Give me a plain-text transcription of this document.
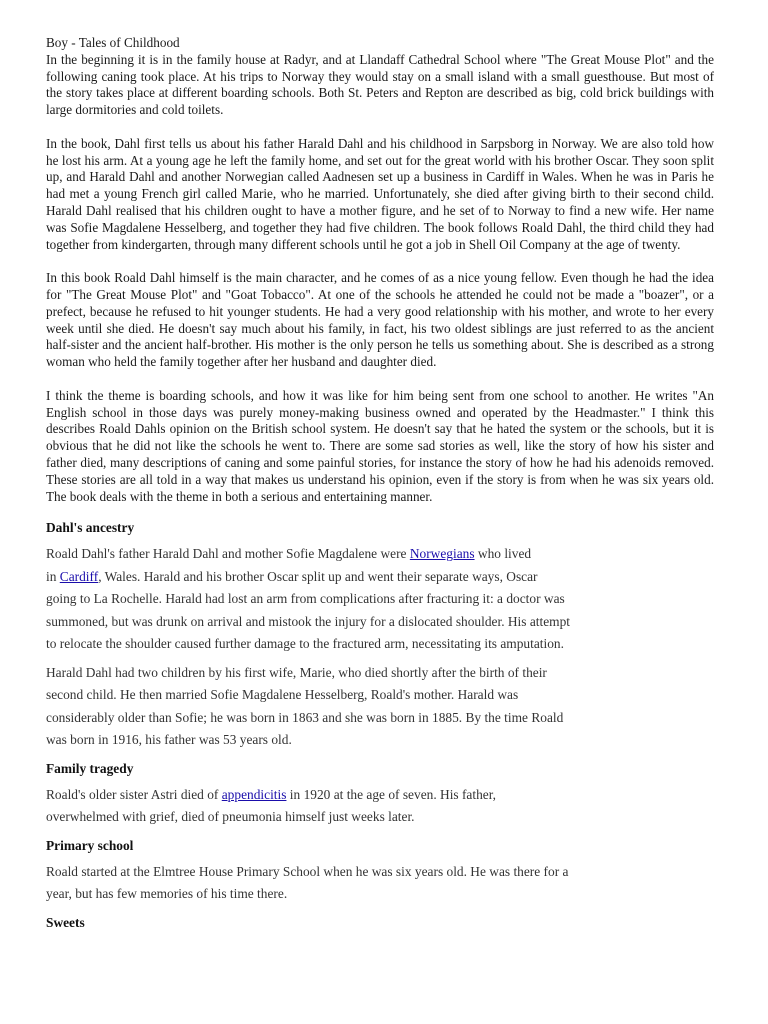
Boy - Tales of Childhood

In the beginning it is in the family house at Radyr, and at Llandaff Cathedral School where "The Great Mouse Plot" and the following caning took place. At his trips to Norway they would stay on a small island with a small guesthouse. But most of the story takes place at different boarding schools. Both St. Peters and Repton are described as big, cold brick buildings with large dormitories and cold toilets.

In the book, Dahl first tells us about his father Harald Dahl and his childhood in Sarpsborg in Norway. We are also told how he lost his arm. At a young age he left the family home, and set out for the great world with his brother Oscar. They soon split up, and Harald Dahl and another Norwegian called Aadnesen set up a business in Cardiff in Wales. When he was in Paris he had met a young French girl called Marie, who he married. Unfortunately, she died after giving birth to their second child. Harald Dahl realised that his children ought to have a mother figure, and he set of to Norway to find a new wife. Her name was Sofie Magdalene Hesselberg, and together they had five children. The book follows Roald Dahl, the third child they had together from kindergarten, through many different schools until he got a job in Shell Oil Company at the age of twenty.

In this book Roald Dahl himself is the main character, and he comes of as a nice young fellow. Even though he had the idea for "The Great Mouse Plot" and "Goat Tobacco". At one of the schools he attended he could not be made a "boazer", or a prefect, because he refused to hit younger students. He had a very good relationship with his mother, and wrote to her every week until she died. He doesn't say much about his family, in fact, his two oldest siblings are just referred to as the ancient half-sister and the ancient half-brother. His mother is the only person he tells us something about. She is described as a strong woman who held the family together after her husband and daughter died.

I think the theme is boarding schools, and how it was like for him being sent from one school to another. He writes "An English school in those days was purely money-making business owned and operated by the Headmaster." I think this describes Roald Dahls opinion on the British school system. He doesn't say that he hated the system or the schools, but it is obvious that he did not like the schools he went to. There are some sad stories as well, like the story of how his sister and father died, many descriptions of caning and some painful stories, for instance the story of how he had his adenoids removed. These stories are all told in a way that makes us understand his opinion, even if the story is from when he was six years old. The book deals with the theme in both a serious and entertaining manner.

Dahl's ancestry
Roald Dahl's father Harald Dahl and mother Sofie Magdalene were Norwegians who lived
in Cardiff, Wales. Harald and his brother Oscar split up and went their separate ways, Oscar
going to La Rochelle. Harald had lost an arm from complications after fracturing it: a doctor was
summoned, but was drunk on arrival and mistook the injury for a dislocated shoulder. His attempt
to relocate the shoulder caused further damage to the fractured arm, necessitating its amputation.
Harald Dahl had two children by his first wife, Marie, who died shortly after the birth of their
second child. He then married Sofie Magdalene Hesselberg, Roald's mother. Harald was
considerably older than Sofie; he was born in 1863 and she was born in 1885. By the time Roald
was born in 1916, his father was 53 years old.
Family tragedy
Roald's older sister Astri died of appendicitis in 1920 at the age of seven. His father,
overwhelmed with grief, died of pneumonia himself just weeks later.
Primary school
Roald started at the Elmtree House Primary School when he was six years old. He was there for a
year, but has few memories of his time there.
Sweets
